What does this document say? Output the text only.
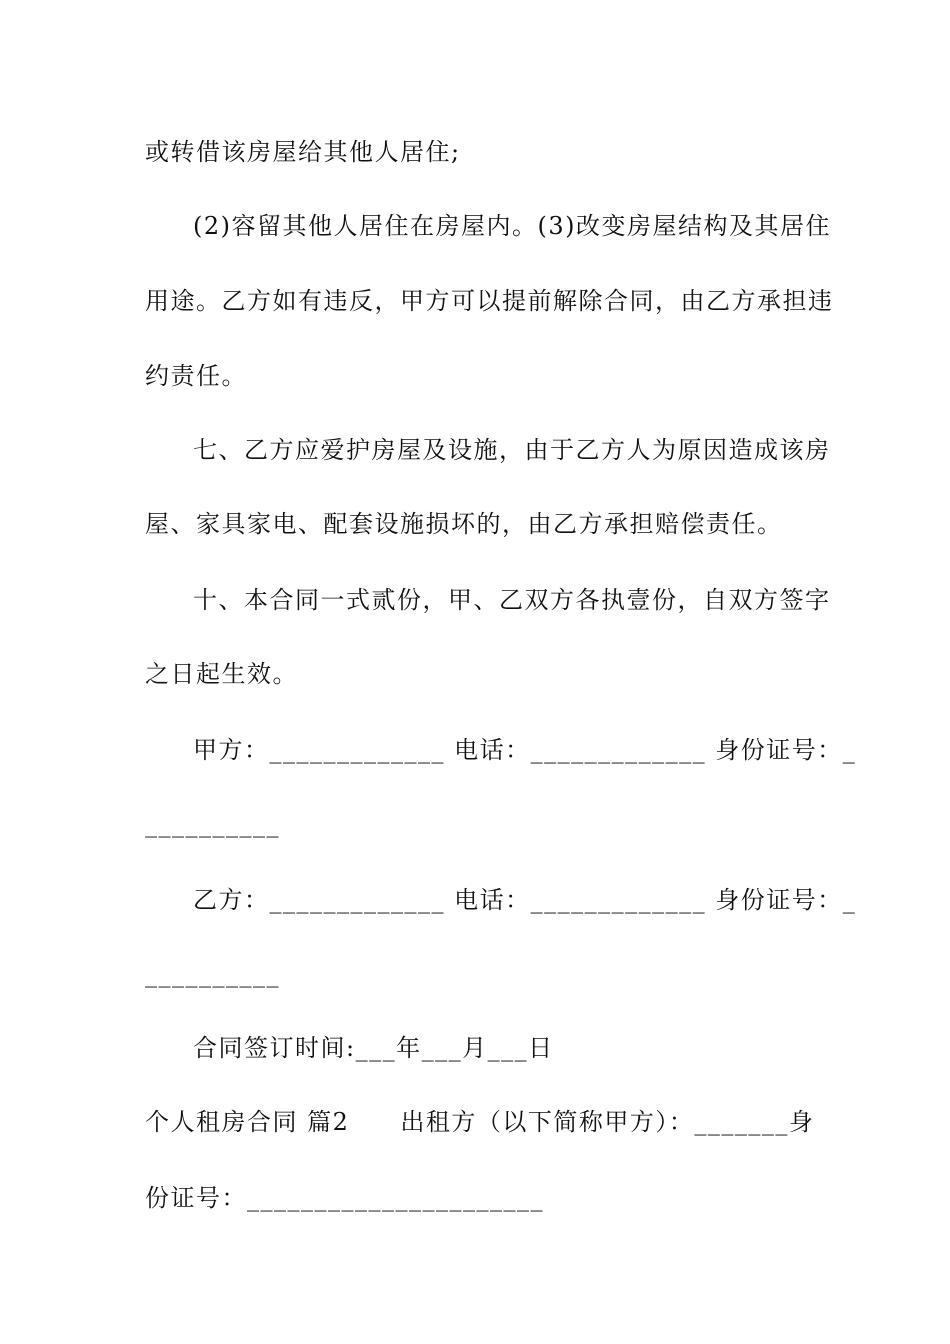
或转借该房屋给其他人居住;
(2)容留其他人居住在房屋内。(3)改变房屋结构及其居住
用途。乙方如有违反，甲方可以提前解除合同，由乙方承担违
约责任。
七、乙方应爱护房屋及设施，由于乙方人为原因造成该房
屋、家具家电、配套设施损坏的，由乙方承担赔偿责任。
十、本合同一式贰份，甲、乙双方各执壹份，自双方签字
之日起生效。
甲方：_____________ 电话：_____________ 身份证号：_
__________
乙方：_____________ 电话：_____________ 身份证号：_
__________
合同签订时间:___年___月___日
个人租房合同 篇2　　出租方（以下简称甲方）：_______身
份证号：______________________
